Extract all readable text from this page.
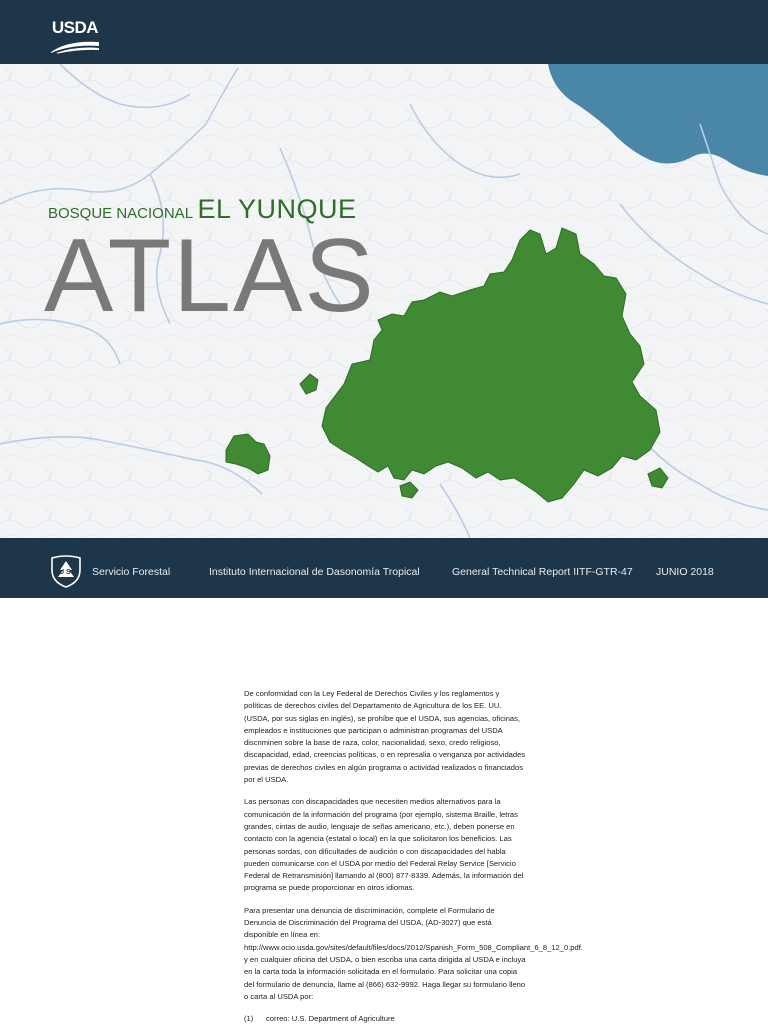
USDA
BOSQUE NACIONAL EL YUNQUE
ATLAS
U S Servicio Forestal	Instituto Internacional de Dasonomía Tropical	General Technical Report IITF-GTR-47 JUNIO 2018

De conformidad con la Ley Federal de Derechos Civiles y los reglamentos y políticas de derechos civiles del Departamento de Agricultura de los EE. UU. (USDA, por sus siglas en inglés), se prohíbe que el USDA, sus agencias, oficinas, empleados e instituciones que participan o administran programas del USDA discriminen sobre la base de raza, color, nacionalidad, sexo, credo religioso, discapacidad, edad, creencias políticas, o en represalia o venganza por actividades previas de derechos civiles en algún programa o actividad realizados o financiados por el USDA.

Las personas con discapacidades que necesiten medios alternativos para la comunicación de la información del programa (por ejemplo, sistema Braille, letras grandes, cintas de audio, lenguaje de señas americano, etc.), deben ponerse en contacto con la agencia (estatal o local) en la que solicitaron los beneficios. Las personas sordas, con dificultades de audición o con discapacidades del habla pueden comunicarse con el USDA por medio del Federal Relay Service [Servicio Federal de Retransmisión] llamando al (800) 877-8339. Además, la información del programa se puede proporcionar en otros idiomas.

Para presentar una denuncia de discriminación, complete el Formulario de Denuncia de Discriminación del Programa del USDA, (AD-3027) que está disponible en línea en: http://www.ocio.usda.gov/sites/default/files/docs/2012/Spanish_Form_508_Compliant_6_8_12_0.pdf. y en cualquier oficina del USDA, o bien escriba una carta dirigida al USDA e incluya en la carta toda la información solicitada en el formulario. Para solicitar una copia del formulario de denuncia, llame al (866) 632-9992. Haga llegar su formulario lleno o carta al USDA por:

(1) correo: U.S. Department of Agriculture
